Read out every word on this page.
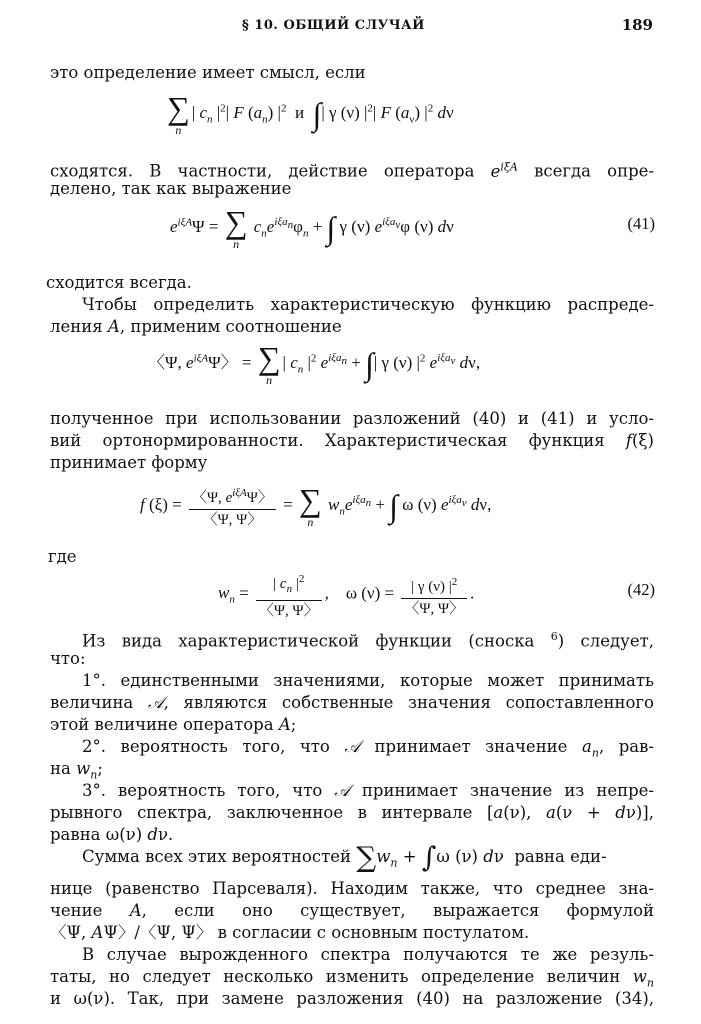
§ 10. ОБЩИЙ СЛУЧАЙ	189
это определение имеет смысл, если
∑
n
| $c_n$ $|^2|$ F $(a_n)$ $|^2$ и ∫| γ (ν) $|^2|$ F $(a_\nu)$ $|^2$ dν
сходятся. В частности, действие оператора $e^{i\xi A}$ всегда опре-
делено, так как выражение
$e^{i\xi A}\Psi$ = ∑
n
$c_ne^{i\xi a_n}\varphi_n$ + ∫ γ (ν) $e^{i\xi a_\nu}\varphi$ (ν) dν	(41)
сходится всегда.
Чтобы определить характеристическую функцию распреде-
ления A, применим соотношение
〈Ψ, $e^{i\xi A}\Psi$〉 = ∑
n
| $c_n$ $|^2$ $e^{i\xi a_n}$ + ∫| γ (ν) $|^2$ $e^{i\xi a_\nu}$ dν,
полученное при использовании разложений (40) и (41) и усло-
вий ортонормированности. Характеристическая функция f(ξ)
принимает форму
f $(\xi) = \frac{〈\Psi, e^{i\xi A}\Psi〉}{〈\Psi, \Psi〉}$ = ∑
n
$w_ne^{i\xi a_n}$ + ∫ ω (ν) $e^{i\xi a_\nu}$ dν,
где
$w_n = \frac{| c_n |^2}{〈\Psi, \Psi〉}$ ,    ω $(\nu) = \frac{| \gamma (\nu) |^2}{〈\Psi, \Psi〉}$ .	(42)
Из вида характеристической функции (сноска $^6$) следует,
что:
1°. единственными значениями, которые может принимать
величина 𝒜, являются собственные значения сопоставленного
этой величине оператора A;
2°. вероятность того, что 𝒜 принимает значение $a_n$, рав-
на $w_n$;
3°. вероятность того, что 𝒜 принимает значение из непре-
рывного спектра, заключенное в интервале [a(ν), a(ν + dν)],
равна ω(ν) dν.
Сумма всех этих вероятностей $\sum w_n + \int\omega$ (ν) dν  равна еди-
нице (равенство Парсеваля). Находим также, что среднее зна-
чение A, если оно существует, выражается формулой
〈Ψ, AΨ〉/〈Ψ, Ψ〉 в согласии с основным постулатом.
В случае вырожденного спектра получаются те же резуль-
таты, но следует несколько изменить определение величин $w_n$
и ω(ν). Так, при замене разложения (40) на разложение (34),
